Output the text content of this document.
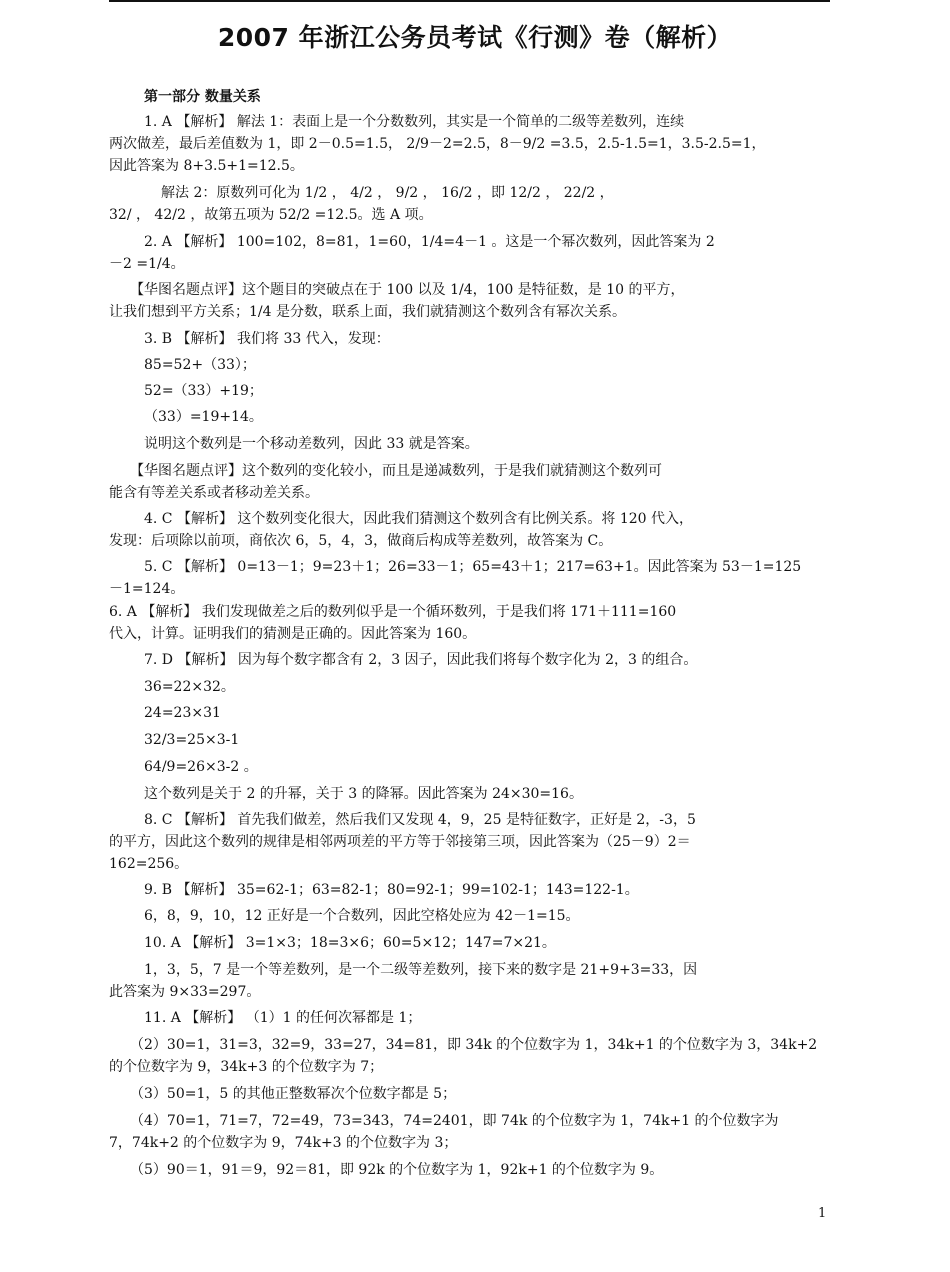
2007 年浙江公务员考试《行测》卷（解析）
第一部分 数量关系
1. A 【解析】 解法 1：表面上是一个分数数列，其实是一个简单的二级等差数列，连续
两次做差，最后差值数为 1，即 2－0.5=1.5， 2/9－2=2.5，8－9/2 =3.5，2.5-1.5=1，3.5-2.5=1，
因此答案为 8+3.5+1=12.5。
解法 2：原数列可化为 1/2 ， 4/2 ， 9/2 ， 16/2 ，即 12/2 ， 22/2 ，
32/ ， 42/2 ，故第五项为 52/2 =12.5。选 A 项。
2. A 【解析】 100=102，8=81，1=60，1/4=4－1 。这是一个幂次数列，因此答案为 2
－2 =1/4。
【华图名题点评】这个题目的突破点在于 100 以及 1/4，100 是特征数，是 10 的平方，
让我们想到平方关系；1/4 是分数，联系上面，我们就猜测这个数列含有幂次关系。
3. B 【解析】 我们将 33 代入，发现：
85=52+（33）；
52=（33）+19；
（33）=19+14。
说明这个数列是一个移动差数列，因此 33 就是答案。
【华图名题点评】这个数列的变化较小，而且是递减数列，于是我们就猜测这个数列可
能含有等差关系或者移动差关系。
4. C 【解析】 这个数列变化很大，因此我们猜测这个数列含有比例关系。将 120 代入，
发现：后项除以前项，商依次 6，5，4，3，做商后构成等差数列，故答案为 C。
5. C 【解析】 0=13－1；9=23＋1；26=33－1；65=43＋1；217=63+1。因此答案为 53－1=125
－1=124。
6. A 【解析】 我们发现做差之后的数列似乎是一个循环数列，于是我们将 171＋111=160
代入，计算。证明我们的猜测是正确的。因此答案为 160。
7. D 【解析】 因为每个数字都含有 2，3 因子，因此我们将每个数字化为 2，3 的组合。
36=22×32。
24=23×31
32/3=25×3-1
64/9=26×3-2 。
这个数列是关于 2 的升幂，关于 3 的降幂。因此答案为 24×30=16。
8. C 【解析】 首先我们做差，然后我们又发现 4，9，25 是特征数字，正好是 2，-3，5
的平方，因此这个数列的规律是相邻两项差的平方等于邻接第三项，因此答案为（25－9）2＝
162=256。
9. B 【解析】 35=62-1；63=82-1；80=92-1；99=102-1；143=122-1。
6，8，9，10，12 正好是一个合数列，因此空格处应为 42－1=15。
10. A 【解析】 3=1×3；18=3×6；60=5×12；147=7×21。
1，3，5，7 是一个等差数列，是一个二级等差数列，接下来的数字是 21+9+3=33，因
此答案为 9×33=297。
11. A 【解析】 （1）1 的任何次幂都是 1；
（2）30=1，31=3，32=9，33=27，34=81，即 34k 的个位数字为 1，34k+1 的个位数字为 3，34k+2
的个位数字为 9，34k+3 的个位数字为 7；
（3）50=1，5 的其他正整数幂次个位数字都是 5；
（4）70=1，71=7，72=49，73=343，74=2401，即 74k 的个位数字为 1，74k+1 的个位数字为
7，74k+2 的个位数字为 9，74k+3 的个位数字为 3；
（5）90＝1，91＝9，92＝81，即 92k 的个位数字为 1，92k+1 的个位数字为 9。
1
